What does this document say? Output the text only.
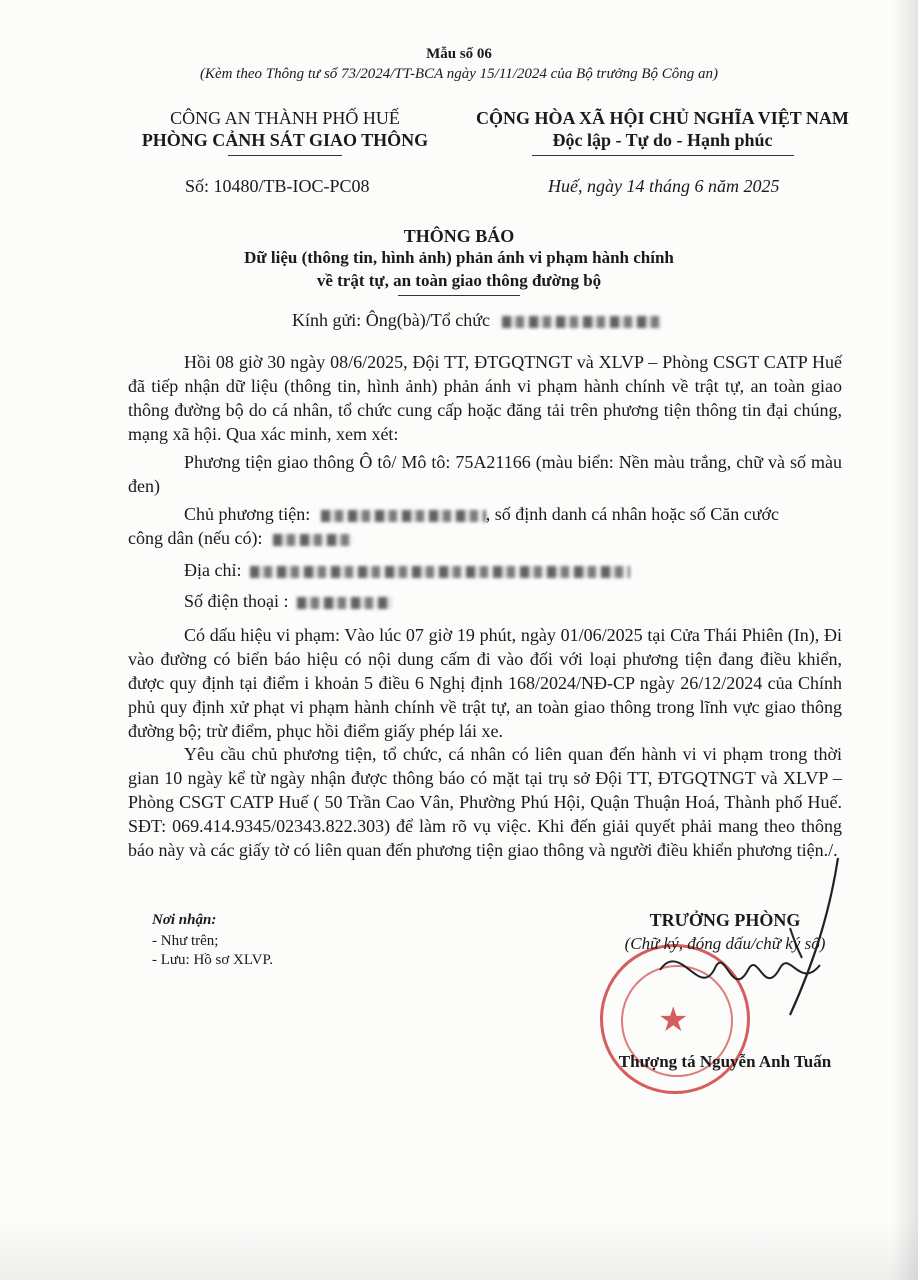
Mẫu số 06
(Kèm theo Thông tư số 73/2024/TT-BCA ngày 15/11/2024 của Bộ trưởng Bộ Công an)
CÔNG AN THÀNH PHỐ HUẾ
PHÒNG CẢNH SÁT GIAO THÔNG
CỘNG HÒA XÃ HỘI CHỦ NGHĨA VIỆT NAM
Độc lập - Tự do - Hạnh phúc
Số: 10480/TB-IOC-PC08	Huế, ngày 14 tháng 6 năm 2025
THÔNG BÁO
Dữ liệu (thông tin, hình ảnh) phản ánh vi phạm hành chính
về trật tự, an toàn giao thông đường bộ
Kính gửi: Ông(bà)/Tổ chức
Hồi 08 giờ 30 ngày 08/6/2025, Đội TT, ĐTGQTNGT và XLVP – Phòng CSGT CATP Huế đã tiếp nhận dữ liệu (thông tin, hình ảnh) phản ánh vi phạm hành chính về trật tự, an toàn giao thông đường bộ do cá nhân, tổ chức cung cấp hoặc đăng tải trên phương tiện thông tin đại chúng, mạng xã hội. Qua xác minh, xem xét:
Phương tiện giao thông Ô tô/ Mô tô: 75A21166 (màu biển: Nền màu trắng, chữ và số màu đen)
Chủ phương tiện:	, số định danh cá nhân hoặc số Căn cước
công dân (nếu có):
Địa chỉ:
Số điện thoại :
Có dấu hiệu vi phạm: Vào lúc 07 giờ 19 phút, ngày 01/06/2025 tại Cửa Thái Phiên (In), Đi vào đường có biển báo hiệu có nội dung cấm đi vào đối với loại phương tiện đang điều khiển, được quy định tại điểm i khoản 5 điều 6 Nghị định 168/2024/NĐ-CP ngày 26/12/2024 của Chính phủ quy định xử phạt vi phạm hành chính về trật tự, an toàn giao thông trong lĩnh vực giao thông đường bộ; trừ điểm, phục hồi điểm giấy phép lái xe.
Yêu cầu chủ phương tiện, tổ chức, cá nhân có liên quan đến hành vi vi phạm trong thời gian 10 ngày kể từ ngày nhận được thông báo có mặt tại trụ sở Đội TT, ĐTGQTNGT và XLVP – Phòng CSGT CATP Huế ( 50 Trần Cao Vân, Phường Phú Hội, Quận Thuận Hoá, Thành phố Huế. SĐT: 069.414.9345/02343.822.303) để làm rõ vụ việc. Khi đến giải quyết phải mang theo thông báo này và các giấy tờ có liên quan đến phương tiện giao thông và người điều khiển phương tiện./.
Nơi nhận:
- Như trên;
- Lưu: Hồ sơ XLVP.
★
TRƯỞNG PHÒNG
(Chữ ký, đóng dấu/chữ ký số)
Thượng tá Nguyễn Anh Tuấn
